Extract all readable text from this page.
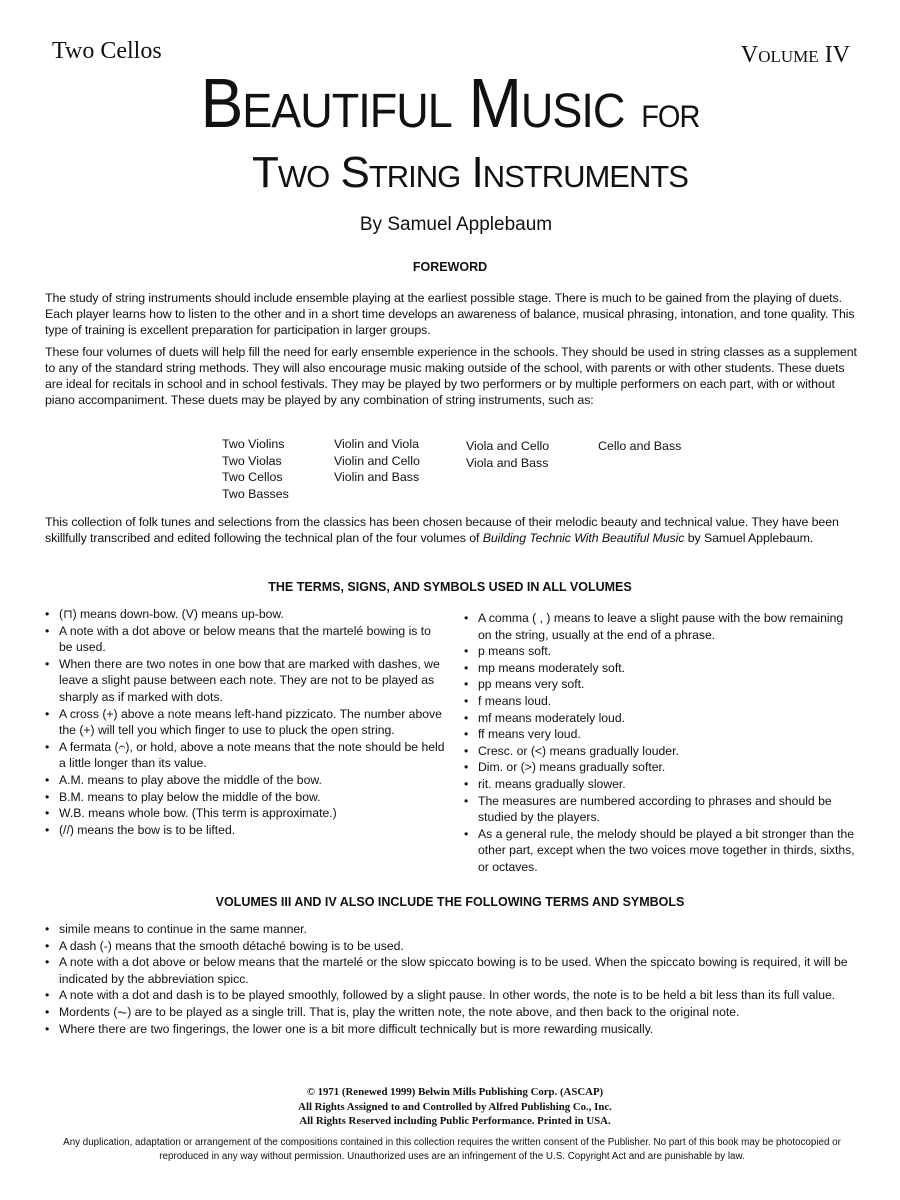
Two Cellos	Volume IV
Beautiful Music for
Two String Instruments
By Samuel Applebaum
FOREWORD

The study of string instruments should include ensemble playing at the earliest possible stage. There is much to be gained from the playing of duets. Each player learns how to listen to the other and in a short time develops an awareness of balance, musical phrasing, intonation, and tone quality. This type of training is excellent preparation for participation in larger groups.

These four volumes of duets will help fill the need for early ensemble experience in the schools. They should be used in string classes as a supplement to any of the standard string methods. They will also encourage music making outside of the school, with parents or with other students. These duets are ideal for recitals in school and in school festivals. They may be played by two performers or by multiple performers on each part, with or without piano accompaniment. These duets may be played by any combination of string instruments, such as:

Two Violins
Two Violas
Two Cellos
Two Basses
Violin and Viola
Violin and Cello
Violin and Bass
Viola and Cello
Viola and Bass
Cello and Bass

This collection of folk tunes and selections from the classics has been chosen because of their melodic beauty and technical value. They have been skillfully transcribed and edited following the technical plan of the four volumes of Building Technic With Beautiful Music by Samuel Applebaum.

THE TERMS, SIGNS, AND SYMBOLS USED IN ALL VOLUMES
• (⊓) means down-bow. (V) means up-bow.
• A note with a dot above or below means that the martelé bowing is to be used.
• When there are two notes in one bow that are marked with dashes, we leave a slight pause between each note. They are not to be played as sharply as if marked with dots.
• A cross (+) above a note means left-hand pizzicato. The number above the (+) will tell you which finger to use to pluck the open string.
• A fermata (𝄐), or hold, above a note means that the note should be held a little longer than its value.
• A.M. means to play above the middle of the bow.
• B.M. means to play below the middle of the bow.
• W.B. means whole bow. (This term is approximate.)
• (//) means the bow is to be lifted.
• A comma ( , ) means to leave a slight pause with the bow remaining on the string, usually at the end of a phrase.
• p means soft.
• mp means moderately soft.
• pp means very soft.
• f means loud.
• mf means moderately loud.
• ff means very loud.
• Cresc. or (<) means gradually louder.
• Dim. or (>) means gradually softer.
• rit. means gradually slower.
• The measures are numbered according to phrases and should be studied by the players.
• As a general rule, the melody should be played a bit stronger than the other part, except when the two voices move together in thirds, sixths, or octaves.
VOLUMES III AND IV ALSO INCLUDE THE FOLLOWING TERMS AND SYMBOLS
• simile means to continue in the same manner.
• A dash (-) means that the smooth détaché bowing is to be used.
• A note with a dot above or below means that the martelé or the slow spiccato bowing is to be used. When the spiccato bowing is required, it will be indicated by the abbreviation spicc.
• A note with a dot and dash is to be played smoothly, followed by a slight pause. In other words, the note is to be held a bit less than its full value.
• Mordents (⏦) are to be played as a single trill. That is, play the written note, the note above, and then back to the original note.
• Where there are two fingerings, the lower one is a bit more difficult technically but is more rewarding musically.
© 1971 (Renewed 1999) Belwin Mills Publishing Corp. (ASCAP)
All Rights Assigned to and Controlled by Alfred Publishing Co., Inc.
All Rights Reserved including Public Performance. Printed in USA.
Any duplication, adaptation or arrangement of the compositions contained in this collection requires the written consent of the Publisher. No part of this book may be photocopied or reproduced in any way without permission. Unauthorized uses are an infringement of the U.S. Copyright Act and are punishable by law.
